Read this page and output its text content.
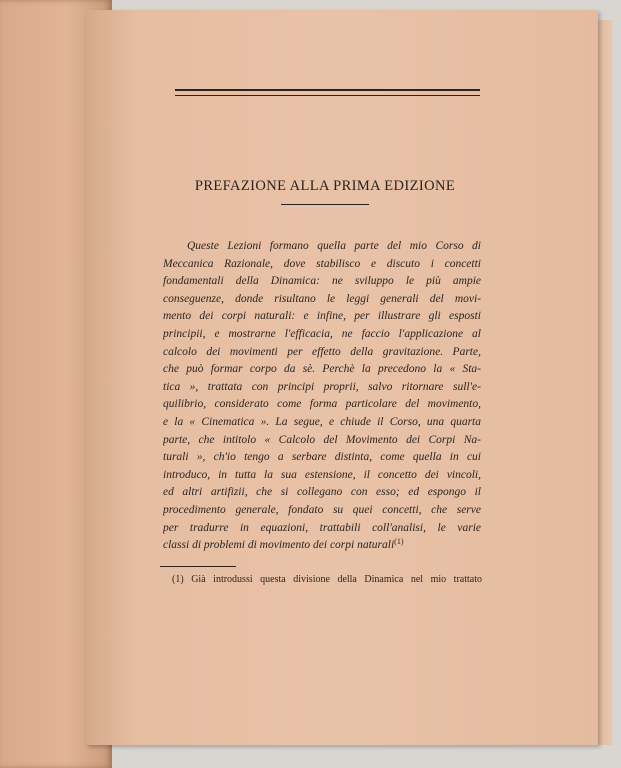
PREFAZIONE ALLA PRIMA EDIZIONE
Queste Lezioni formano quella parte del mio Corso di
Meccanica Razionale, dove stabilisco e discuto i concetti
fondamentali della Dinamica: ne sviluppo le più ampie
conseguenze, donde risultano le leggi generali del movi-
mento dei corpi naturali: e infine, per illustrare gli esposti
principii, e mostrarne l'efficacia, ne faccio l'applicazione al
calcolo dei movimenti per effetto della gravitazione. Parte,
che può formar corpo da sè. Perchè la precedono la « Sta-
tica », trattata con principi proprii, salvo ritornare sull'e-
quilibrio, considerato come forma particolare del movimento,
e la « Cinematica ». La segue, e chiude il Corso, una quarta
parte, che intitolo « Calcolo del Movimento dei Corpi Na-
turali », ch'io tengo a serbare distinta, come quella in cui
introduco, in tutta la sua estensione, il concetto dei vincoli,
ed altri artifizii, che si collegano con esso; ed espongo il
procedimento generale, fondato su quei concetti, che serve
per tradurre in equazioni, trattabili coll'analisi, le varie
classi di problemi di movimento dei corpi naturali$^{(1)}$
(1) Già introdussi questa divisione della Dinamica nel mio trattato
